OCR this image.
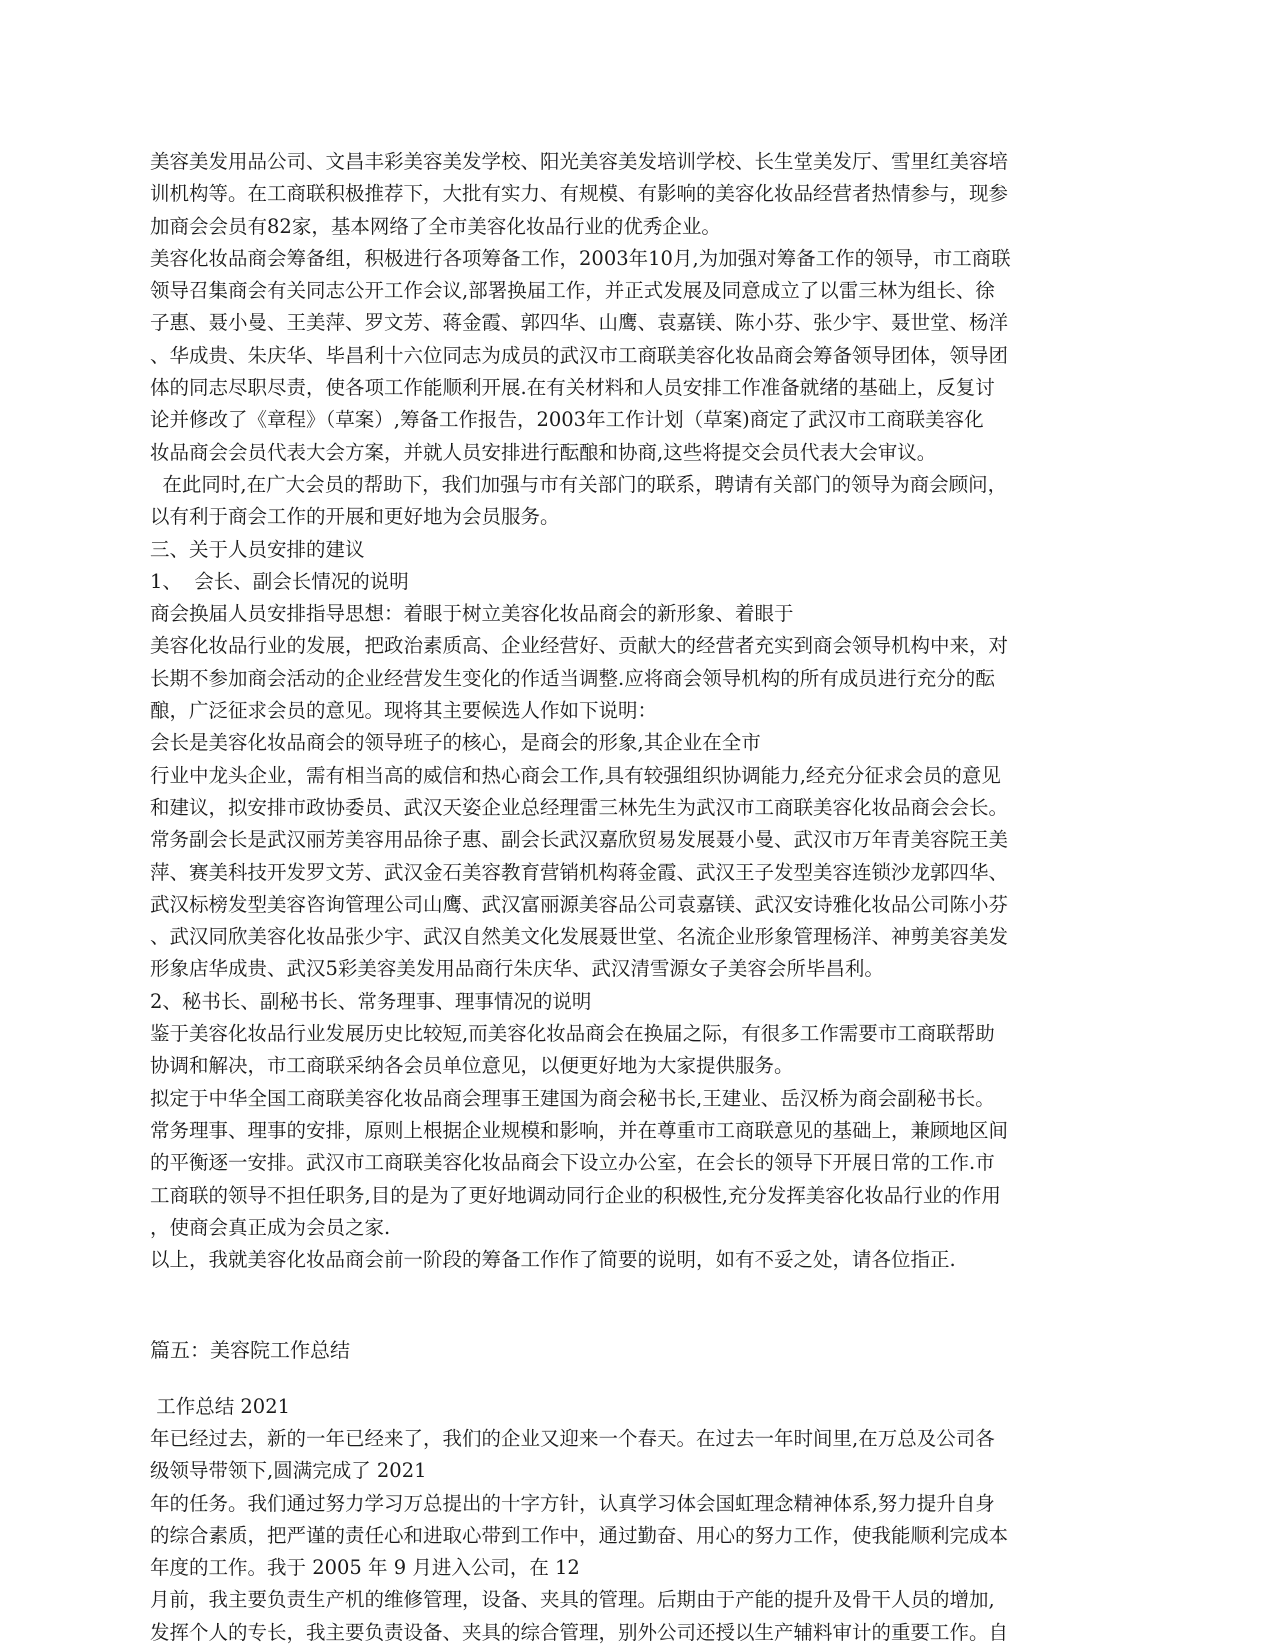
美容美发用品公司、文昌丰彩美容美发学校、阳光美容美发培训学校、长生堂美发厅、雪里红美容培
训机构等。在工商联积极推荐下，大批有实力、有规模、有影响的美容化妆品经营者热情参与，现参
加商会会员有82家，基本网络了全市美容化妆品行业的优秀企业。
美容化妆品商会筹备组，积极进行各项筹备工作，2003年10月,为加强对筹备工作的领导，市工商联
领导召集商会有关同志公开工作会议,部署换届工作，并正式发展及同意成立了以雷三林为组长、徐
子惠、聂小曼、王美萍、罗文芳、蒋金霞、郭四华、山鹰、袁嘉镁、陈小芬、张少宇、聂世堂、杨洋
、华成贵、朱庆华、毕昌利十六位同志为成员的武汉市工商联美容化妆品商会筹备领导团体，领导团
体的同志尽职尽责，使各项工作能顺利开展.在有关材料和人员安排工作准备就绪的基础上，反复讨
论并修改了《章程》（草案）,筹备工作报告，2003年工作计划（草案)商定了武汉市工商联美容化
妆品商会会员代表大会方案，并就人员安排进行酝酿和协商,这些将提交会员代表大会审议。
在此同时,在广大会员的帮助下，我们加强与市有关部门的联系，聘请有关部门的领导为商会顾问，
以有利于商会工作的开展和更好地为会员服务。
三、关于人员安排的建议
1、  会长、副会长情况的说明
商会换届人员安排指导思想：着眼于树立美容化妆品商会的新形象、着眼于
美容化妆品行业的发展，把政治素质高、企业经营好、贡献大的经营者充实到商会领导机构中来，对
长期不参加商会活动的企业经营发生变化的作适当调整.应将商会领导机构的所有成员进行充分的酝
酿，广泛征求会员的意见。现将其主要候选人作如下说明：
会长是美容化妆品商会的领导班子的核心，是商会的形象,其企业在全市
行业中龙头企业，需有相当高的威信和热心商会工作,具有较强组织协调能力,经充分征求会员的意见
和建议，拟安排市政协委员、武汉天姿企业总经理雷三林先生为武汉市工商联美容化妆品商会会长。
常务副会长是武汉丽芳美容用品徐子惠、副会长武汉嘉欣贸易发展聂小曼、武汉市万年青美容院王美
萍、赛美科技开发罗文芳、武汉金石美容教育营销机构蒋金霞、武汉王子发型美容连锁沙龙郭四华、
武汉标榜发型美容咨询管理公司山鹰、武汉富丽源美容品公司袁嘉镁、武汉安诗雅化妆品公司陈小芬
、武汉同欣美容化妆品张少宇、武汉自然美文化发展聂世堂、名流企业形象管理杨洋、神剪美容美发
形象店华成贵、武汉5彩美容美发用品商行朱庆华、武汉清雪源女子美容会所毕昌利。
2、秘书长、副秘书长、常务理事、理事情况的说明
鉴于美容化妆品行业发展历史比较短,而美容化妆品商会在换届之际，有很多工作需要市工商联帮助
协调和解决，市工商联采纳各会员单位意见，以便更好地为大家提供服务。
拟定于中华全国工商联美容化妆品商会理事王建国为商会秘书长,王建业、岳汉桥为商会副秘书长。
常务理事、理事的安排，原则上根据企业规模和影响，并在尊重市工商联意见的基础上，兼顾地区间
的平衡逐一安排。武汉市工商联美容化妆品商会下设立办公室，在会长的领导下开展日常的工作.市
工商联的领导不担任职务,目的是为了更好地调动同行企业的积极性,充分发挥美容化妆品行业的作用
，使商会真正成为会员之家.
以上，我就美容化妆品商会前一阶段的筹备工作作了简要的说明，如有不妥之处，请各位指正.
篇五：美容院工作总结
工作总结 2021
年已经过去，新的一年已经来了，我们的企业又迎来一个春天。在过去一年时间里,在万总及公司各
级领导带领下,圆满完成了 2021
年的任务。我们通过努力学习万总提出的十字方针，认真学习体会国虹理念精神体系,努力提升自身
的综合素质，把严谨的责任心和进取心带到工作中，通过勤奋、用心的努力工作，使我能顺利完成本
年度的工作。我于 2005 年 9 月进入公司，在 12
月前，我主要负责生产机的维修管理，设备、夹具的管理。后期由于产能的提升及骨干人员的增加,
发挥个人的专长，我主要负责设备、夹具的综合管理，别外公司还授以生产辅料审计的重要工作。自
